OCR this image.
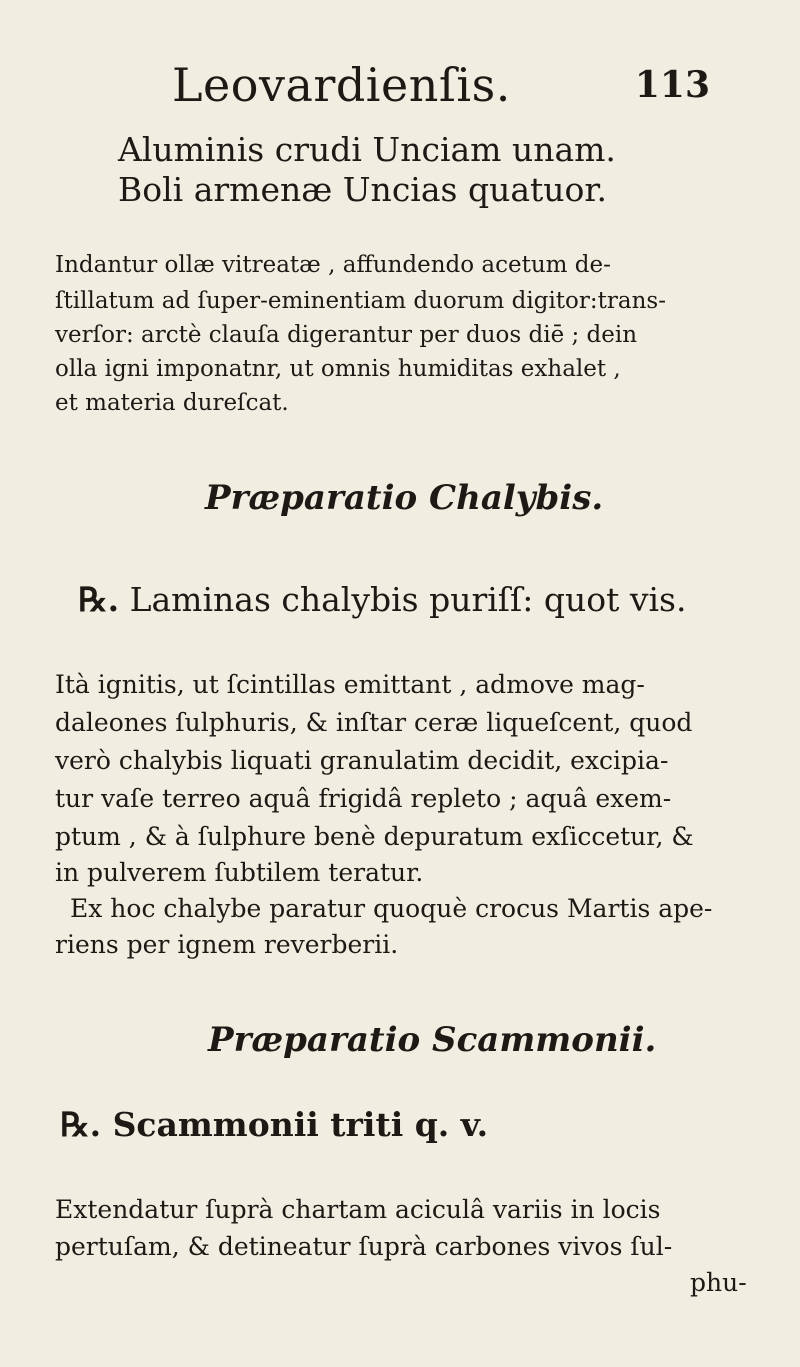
Leovardienſis.	113
Aluminis crudi Unciam unam.
Boli armenæ Uncias quatuor.
Indantur ollæ vitreatæ , affundendo acetum de-
ſtillatum ad ſuper-eminentiam duorum digitor:trans-
verſor: arctè clauſa digerantur per duos diē ; dein
olla igni imponatnr, ut omnis humiditas exhalet ,
et materia dureſcat.
Præparatio Chalybis.
℞. Laminas chalybis puriſſ: quot vis.
Ità ignitis, ut ſcintillas emittant , admove mag-
daleones ſulphuris, & inſtar ceræ liqueſcent, quod
verò chalybis liquati granulatim decidit, excipia-
tur vaſe terreo aquâ frigidâ repleto ; aquâ exem-
ptum , & à ſulphure benè depuratum exſiccetur, &
in pulverem ſubtilem teratur.
Ex hoc chalybe paratur quoquè crocus Martis ape-
riens per ignem reverberii.
Præparatio Scammonii.
℞. Scammonii triti q. v.
Extendatur ſuprà chartam aciculâ variis in locis
pertuſam, & detineatur ſuprà carbones vivos ſul-
phu-
